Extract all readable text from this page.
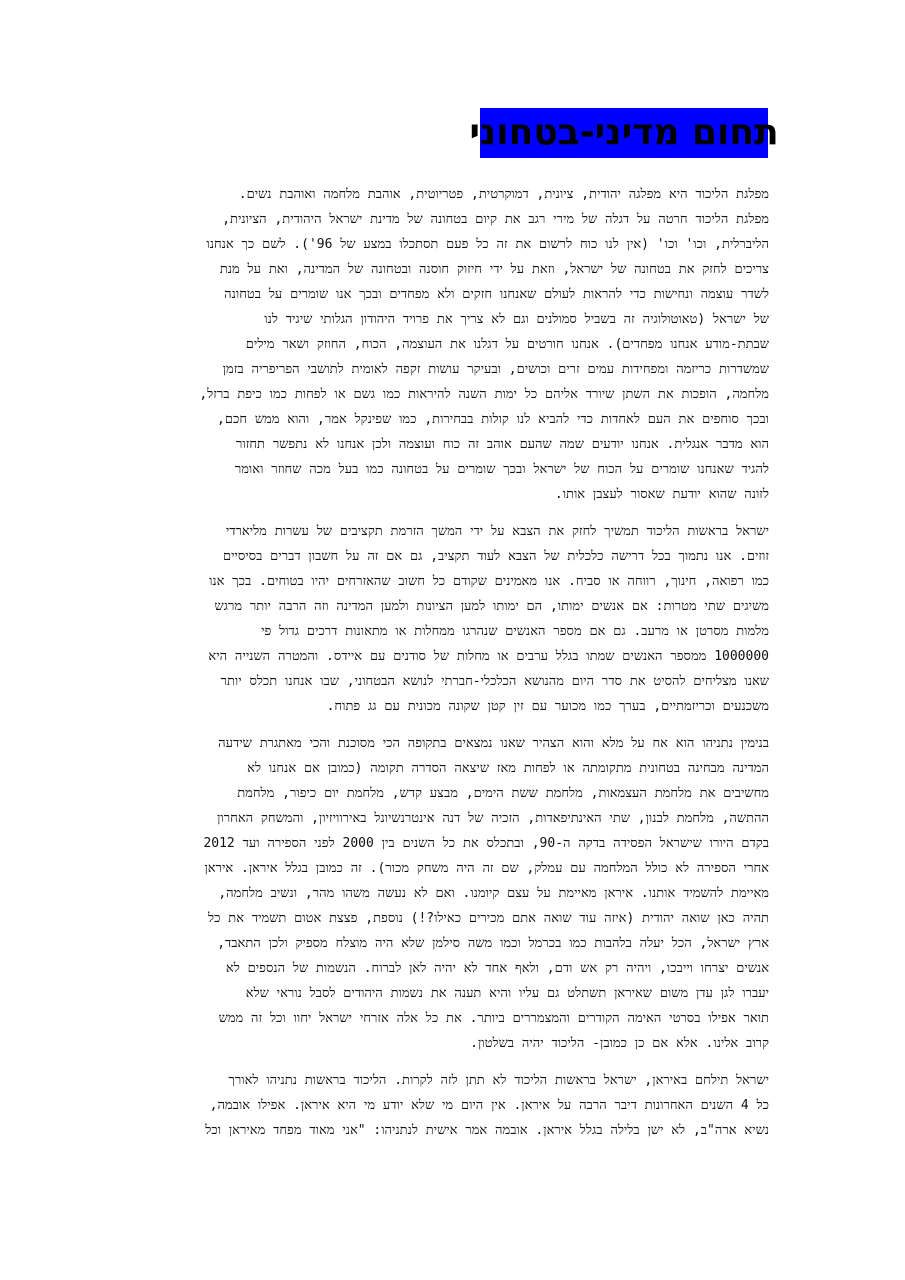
תחום מדיני-בטחוני
מפלגת הליכוד היא מפלגה יהודית, ציונית, דמוקרטית, פטריוטית, אוהבת מלחמה ואוהבת נשים.
מפלגת הליכוד חרטה על דגלה של מירי רגב את קיום בטחונה של מדינת ישראל היהודית, הציונית,
הליברלית, וכו' וכו' (אין לנו כוח לרשום את זה כל פעם תסתכלו במצע של 96'). לשם כך אנחנו
צריכים לחזק את בטחונה של ישראל, וזאת על ידי חיזוק חוסנה ובטחונה של המדינה, ואת על מנת
לשדר עוצמה ונחישות כדי להראות לעולם שאנחנו חזקים ולא מפחדים ובכך אנו שומרים על בטחונה
של ישראל (טאוטולוגיה זה בשביל סמולנים וגם לא צריך את פרויד היהודון הגלותי שיגיד לנו
שבתת-מודע אנחנו מפחדים). אנחנו חורטים על דגלנו את העוצמה, הכוח, החוזק ושאר מילים
שמשדרות כריזמה ומפחידות עמים זרים וכושים, ובעיקר עושות זקפה לאומית לתושבי הפריפריה בזמן
מלחמה, הופכות את השתן שיורד אליהם כל ימות השנה להיראות כמו גשם או לפחות כמו כיפת ברזל,
ובכך סוחפים את העם לאחדות כדי להביא לנו קולות בבחירות, כמו שפינקל אמר, והוא ממש חכם,
הוא מדבר אנגלית. אנחנו יודעים שמה שהעם אוהב זה כוח ועוצמה ולכן אנחנו לא נתפשר תחזור
להגיד שאנחנו שומרים על הכוח של ישראל ובכך שומרים על בטחונה כמו בעל מכה שחוזר ואומר
לזונה שהוא יודעת שאסור לעצבן אותו.
ישראל בראשות הליכוד תמשיך לחזק את הצבא על ידי המשך הזרמת תקציבים של עשרות מליארדי
זוזים. אנו נתמוך בכל דרישה כלכלית של הצבא לעוד תקציב, גם אם זה על חשבון דברים בסיסיים
כמו רפואה, חינוך, רווחה או סביח. אנו מאמינים שקודם כל חשוב שהאזרחים יהיו בטוחים. בכך אנו
משיגים שתי מטרות: אם אנשים ימותו, הם ימותו למען הציונות ולמען המדינה וזה הרבה יותר מרגש
מלמות מסרטן או מרעב. גם אם מספר האנשים שנהרגו ממחלות או מתאונות דרכים גדול פי
1000000 ממספר האנשים שמתו בגלל ערבים או מחלות של סודנים עם איידס. והמטרה השנייה היא
שאנו מצליחים להסיט את סדר היום מהנושא הכלכלי-חברתי לנושא הבטחוני, שבו אנחנו תכלס יותר
משכנעים וכריזמתיים, בערך כמו מכוער עם זין קטן שקונה מכונית עם גג פתוח.
בנימין נתניהו הוא אח על מלא והוא הצהיר שאנו נמצאים בתקופה הכי מסוכנת והכי מאתגרת שידעה
המדינה מבחינה בטחונית מתקומתה או לפחות מאז שיצאה הסדרה תקומה (כמובן אם אנחנו לא
מחשיבים את מלחמת העצמאות, מלחמת ששת הימים, מבצע קדש, מלחמת יום כיפור, מלחמת
ההתשה, מלחמת לבנון, שתי האינתיפאדות, הזכיה של דנה אינטרנשיונל באירוויזיון, והמשחק האחרון
בקדם היורו שישראל הפסידה בדקה ה-90, ובתכלס את כל השנים בין 2000 לפני הספירה ועד 2012
אחרי הספירה לא כולל המלחמה עם עמלק, שם זה היה משחק מכור). זה כמובן בגלל איראן. איראן
מאיימת להשמיד אותנו. איראן מאיימת על עצם קיומנו. ואם לא נעשה משהו מהר, ונשיב מלחמה,
תהיה כאן שואה יהודית (איזה עוד שואה אתם מכירים כאילו?!) נוספת, פצצת אטום תשמיד את כל
ארץ ישראל, הכל יעלה בלהבות כמו בכרמל וכמו משה סילמן שלא היה מוצלח מספיק ולכן התאבד,
אנשים יצרחו וייבכו, ויהיה רק אש ודם, ולאף אחד לא יהיה לאן לברוח. הנשמות של הנספים לא
יעברו לגן עדן משום שאיראן תשתלט גם עליו והיא תענה את נשמות היהודים לסבל נוראי שלא
תואר אפילו בסרטי האימה הקודרים והמצמררים ביותר. את כל אלה אזרחי ישראל יחוו וכל זה ממש
קרוב אלינו. אלא אם כן כמובן- הליכוד יהיה בשלטון.
ישראל תילחם באיראן, ישראל בראשות הליכוד לא תתן לזה לקרות. הליכוד בראשות נתניהו לאורך
כל 4 השנים האחרונות דיבר הרבה על איראן. אין היום מי שלא יודע מי היא איראן. אפילו אובמה,
נשיא ארה"ב, לא ישן בלילה בגלל איראן. אובמה אמר אישית לנתניהו: "אני מאוד מפחד מאיראן וכל
